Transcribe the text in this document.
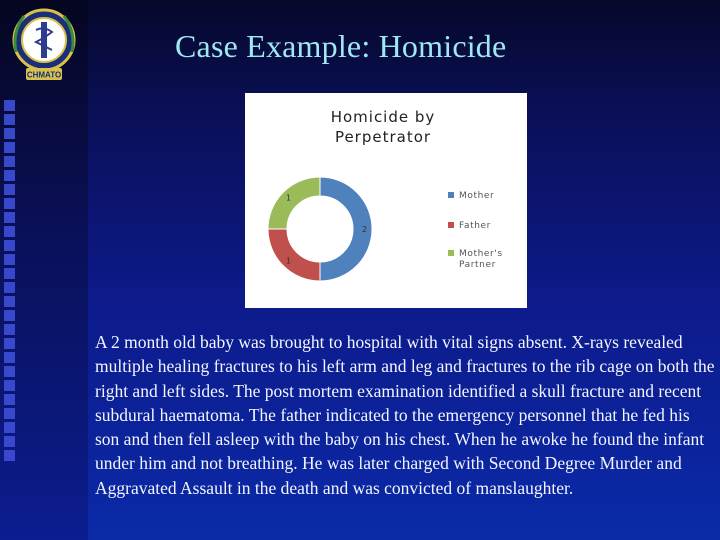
CHMATO
Case Example: Homicide
Homicide by
Perpetrator
2
1
1	Mother
Father
Mother's
Partner

A 2 month old baby was brought to hospital with vital signs absent. X-rays revealed multiple healing fractures to his left arm and leg and fractures to the rib cage on both the right and left sides. The post mortem examination identified a skull fracture and recent subdural haematoma. The father indicated to the emergency personnel that he fed his son and then fell asleep with the baby on his chest. When he awoke he found the infant under him and not breathing. He was later charged with Second Degree Murder and Aggravated Assault in the death and was convicted of manslaughter.
